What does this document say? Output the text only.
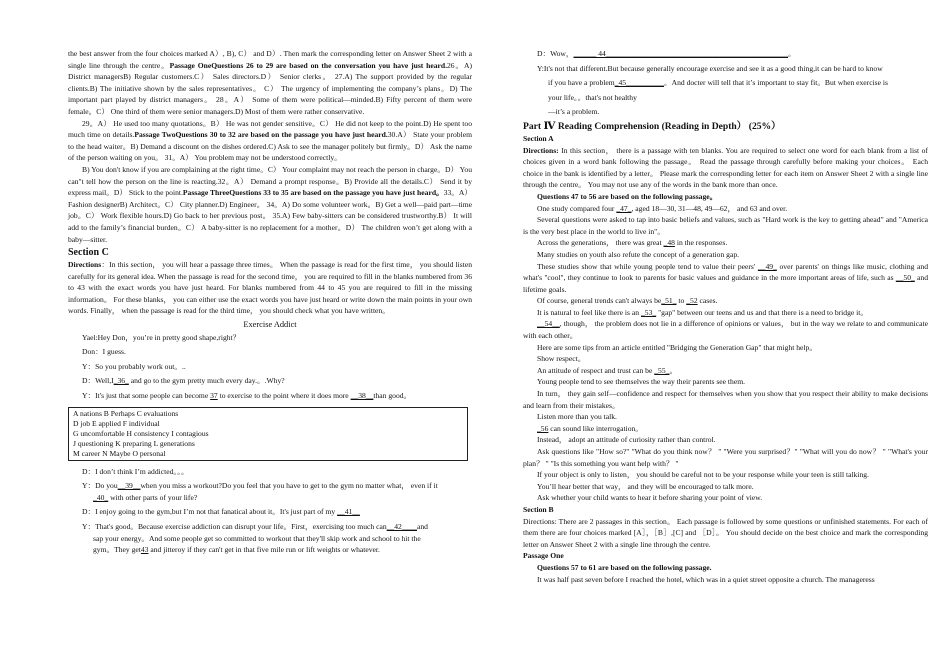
the best answer from the four choices marked A）, B), C） and D）. Then mark the corresponding letter on Answer Sheet 2 with a single line through the centre。Passage OneQuestions 26 to 29 are based on the conversation you have just heard.26。A) District managersB) Regular customers.C） Sales directors.D） Senior clerks。 27.A) The support provided by the regular clients.B) The initiative shown by the sales representatives。 C） The urgency of implementing the company’s plans。D) The important part played by district managers。 28。A） Some of them were political—minded.B) Fifty percent of them were female。C） One third of them were senior managers.D) Most of them were rather conservative.

29。A） He used too many quotations。B） He was not gender sensitive。C） He did not keep to the point.D) He spent too much time on details.Passage TwoQuestions 30 to 32 are based on the passage you have just heard.30.A） State your problem to the head waiter。B) Demand a discount on the dishes ordered.C) Ask to see the manager politely but firmly。D） Ask the name of the person waiting on you。 31。A） You problem may not be understood correctly。

B) You don't know if you are complaining at the right time。C） Your complaint may not reach the person in charge。D） You can"t tell how the person on the line is reacting.32。A） Demand a prompt response。B) Provide all the details.C） Send it by express mail。D） Stick to the point.Passage ThreeQuestions 33 to 35 are based on the passage you have just heard。33。A） Fashion designerB) Architect。C） City planner.D) Engineer。 34。A) Do some volunteer work。B) Get a well—paid part—time job。C） Work flexible hours.D) Go back to her previous post。 35.A) Few baby-sitters can be considered trustworthy.B） It will add to the family’s financial burden。C） A baby-sitter is no replacement for a mother。D） The children won’t get along with a baby—sitter.

Section C

Directions：In this section， you will hear a passage three times。 When the passage is read for the first time， you should listen carefully for its general idea. When the passage is read for the second time， you are required to fill in the blanks numbered from 36 to 43 with the exact words you have just heard. For blanks numbered from 44 to 45 you are required to fill in the missing information。 For these blanks， you can either use the exact words you have just heard or write down the main points in your own words. Finally， when the passage is read for the third time， you should check what you have written。

Exercise Addict

Yael:Hey Don，you’re in pretty good shape,right？

Don：I guess.

Y：So you probably work out。..

D：Well,I_36_ and go to the gym pretty much every day.。.Why?

Y：It's just that some people can become 37 to exercise to the point where it does more __38__than good。

A nations B Perhaps C evaluations
D job E applied F individual
G uncomfortable H consistency I contagious
J questioning K preparing L generations
M career N Maybe O personal

D：I don’t think I’m addicted。。。

Y：Do you__39__when you miss a workout?Do you feel that you have to get to the gym no matter what， even if it

_40_ with other parts of your life?

D：I enjoy going to the gym,but I’m not that fanatical about it。It's just part of my __41__

Y：That's good。Because exercise addiction can disrupt your life。First，exercising too much can__42____and

sap your energy。And some people get so committed to workout that they'll skip work and school to hit the

gym。They get43 and jitteroy if they can't get in that five mile run or lift weights or whatever.

D：Wow，______ 44________________________________________________。

Y:It's not that different.But because generally encourage exercise and see it as a good thing,it can be hard to know

if you have a problem_45__________。And docter will tell that it’s important to stay fit。But when exercise is

your life。。that's not healthy

—it’s a problem.

Part Ⅳ Reading Comprehension (Reading in Depth） (25%）
Section A

Directions: In this section， there is a passage with ten blanks. You are required to select one word for each blank from a list of choices given in a word bank following the passage。 Read the passage through carefully before making your choices。 Each choice in the bank is identified by a letter。 Please mark the corresponding letter for each item on Answer Sheet 2 with a single line through the centre。 You may not use any of the words in the bank more than once.

Questions 47 to 56 are based on the following passage。

One study compared four _47_, aged 18—30, 31—48, 49—62， and 63 and over.

Several questions were asked to tap into basic beliefs and values, such as "Hard work is the key to getting ahead" and "America is the very best place in the world to live in"。

Across the generations， there was great _48 in the responses.

Many studies on youth also refute the concept of a generation gap.

These studies show that while young people tend to value their peers' __49_ over parents' on things like music, clothing and what's "cool", they continue to look to parents for basic values and guidance in the more important areas of life, such as __50_ and lifetime goals.

Of course, general trends can't always be_51_ to _52 cases.

It is natural to feel like there is an _53_ "gap" between our teens and us and that there is a need to bridge it。

__54__, though， the problem does not lie in a difference of opinions or values， but in the way we relate to and communicate with each other。

Here are some tips from an article entitled "Bridging the Generation Gap" that might help。

Show respect。

An attitude of respect and trust can be _55_。

Young people tend to see themselves the way their parents see them.

In turn， they gain self—confidence and respect for themselves when you show that you respect their ability to make decisions and learn from their mistakes。

Listen more than you talk.

_56 can sound like interrogation。

Instead， adopt an attitude of curiosity rather than control.

Ask questions like "How so?" "What do you think now？ " "Were you surprised？" "What will you do now？ " "What's your plan？ " "Is this something you want help with？ "

If your object is only to listen， you should be careful not to be your response while your teen is still talking.

You’ll hear better that way， and they will be encouraged to talk more.

Ask whether your child wants to hear it before sharing your point of view.

Section B

Directions: There are 2 passages in this section。 Each passage is followed by some questions or unfinished statements. For each of them there are four choices marked [A］，［B］,[C] and ［D］。 You should decide on the best choice and mark the corresponding letter on Answer Sheet 2 with a single line through the centre.

Passage One

Questions 57 to 61 are based on the following passage.

It was half past seven before I reached the hotel, which was in a quiet street opposite a church. The manageress
